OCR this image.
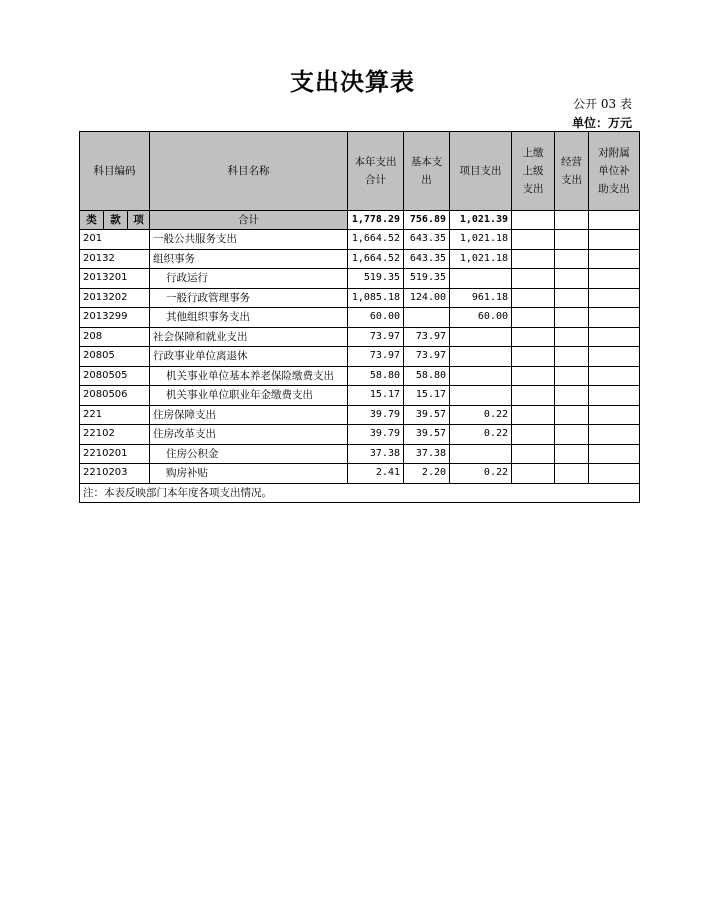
支出决算表
公开 03 表
单位：万元
科目编码			科目名称	本年支出合计	基本支出	项目支出	上缴上级支出	经营支出	对附属单位补助支出
类	款	项	合计	1,778.29	756.89	1,021.39			
201			一般公共服务支出	1,664.52	643.35	1,021.18			
20132			组织事务	1,664.52	643.35	1,021.18			
2013201			行政运行	519.35	519.35				
2013202			一般行政管理事务	1,085.18	124.00	961.18			
2013299			其他组织事务支出	60.00		60.00			
208			社会保障和就业支出	73.97	73.97				
20805			行政事业单位离退休	73.97	73.97				
2080505			机关事业单位基本养老保险缴费支出	58.80	58.80				
2080506			机关事业单位职业年金缴费支出	15.17	15.17				
221			住房保障支出	39.79	39.57	0.22			
22102			住房改革支出	39.79	39.57	0.22			
2210201			住房公积金	37.38	37.38				
2210203			购房补贴	2.41	2.20	0.22			
注：本表反映部门本年度各项支出情况。									
